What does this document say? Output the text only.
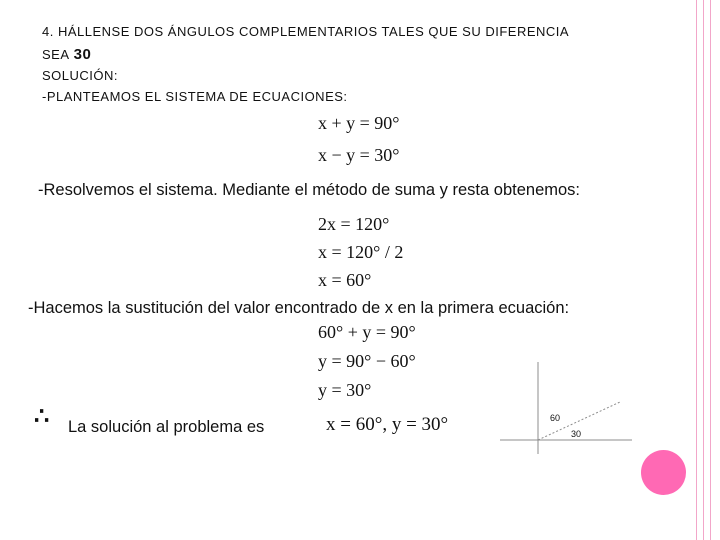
4. HÁLLENSE DOS ÁNGULOS COMPLEMENTARIOS TALES QUE SU DIFERENCIA
SEA 30
SOLUCIÓN:
-PLANTEAMOS EL SISTEMA DE ECUACIONES:
x + y = 90°
x − y = 30°
-Resolvemos el sistema. Mediante el método de suma y resta obtenemos:
2x = 120°
x = 120° / 2
x = 60°
-Hacemos la sustitución del valor encontrado de x en la primera ecuación:
60° + y = 90°
y = 90° − 60°
y = 30°
∴ La solución al problema es	x = 60°, y = 30°	60
30
